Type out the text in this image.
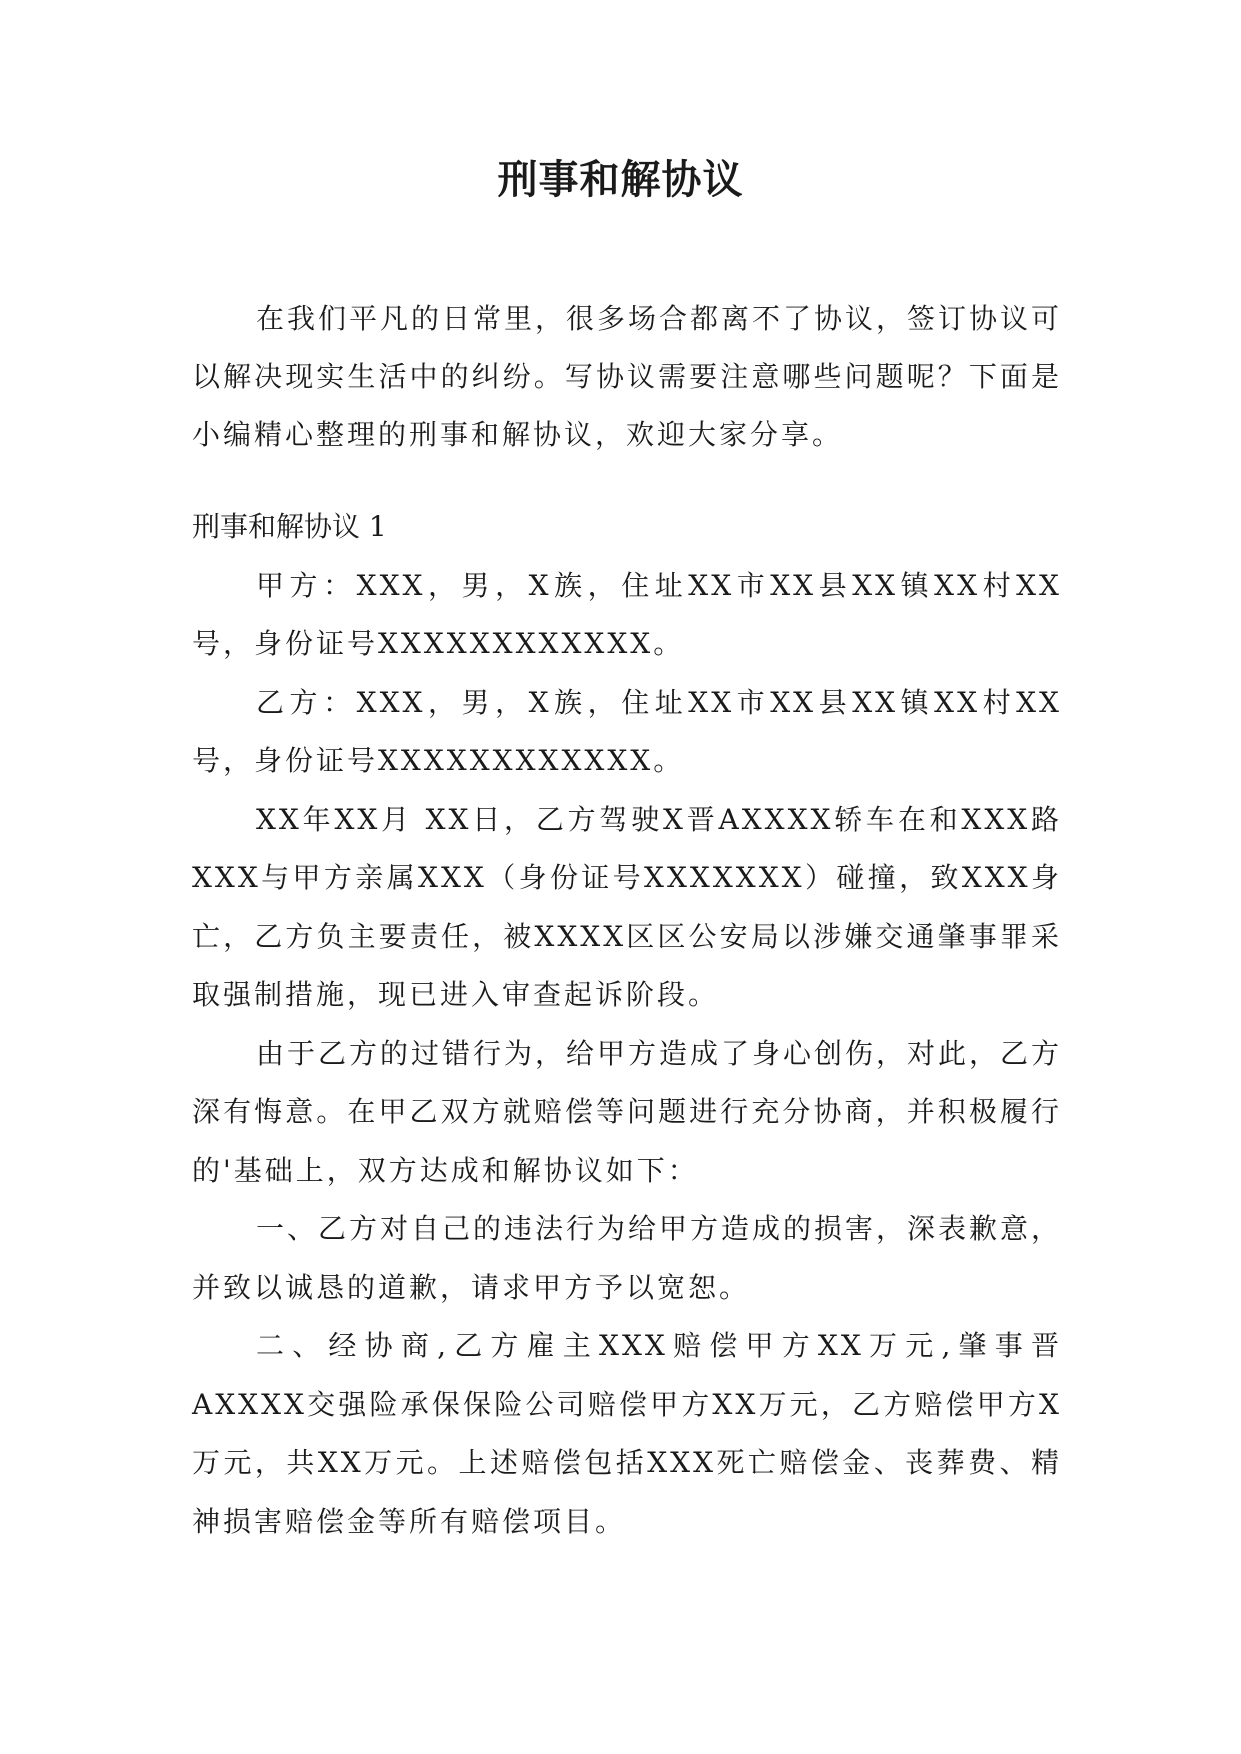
刑事和解协议

在我们平凡的日常里，很多场合都离不了协议，签订协议可以解决现实生活中的纠纷。写协议需要注意哪些问题呢？下面是小编精心整理的刑事和解协议，欢迎大家分享。

刑事和解协议 1

甲方：XXX，男，X族，住址XX市XX县XX镇XX村XX号，身份证号XXXXXXXXXXXX。

乙方：XXX，男，X族，住址XX市XX县XX镇XX村XX号，身份证号XXXXXXXXXXXX。

XX年XX月 XX日，乙方驾驶X晋AXXXX轿车在和XXX路XXX与甲方亲属XXX（身份证号XXXXXXX）碰撞，致XXX身亡，乙方负主要责任，被XXXX区区公安局以涉嫌交通肇事罪采取强制措施，现已进入审查起诉阶段。

由于乙方的过错行为，给甲方造成了身心创伤，对此，乙方深有悔意。在甲乙双方就赔偿等问题进行充分协商，并积极履行的'基础上，双方达成和解协议如下：

一、乙方对自己的违法行为给甲方造成的损害，深表歉意，并致以诚恳的道歉，请求甲方予以宽恕。

二、经协商,乙方雇主XXX赔偿甲方XX万元,肇事晋AXXXX交强险承保保险公司赔偿甲方XX万元，乙方赔偿甲方X万元，共XX万元。上述赔偿包括XXX死亡赔偿金、丧葬费、精神损害赔偿金等所有赔偿项目。
